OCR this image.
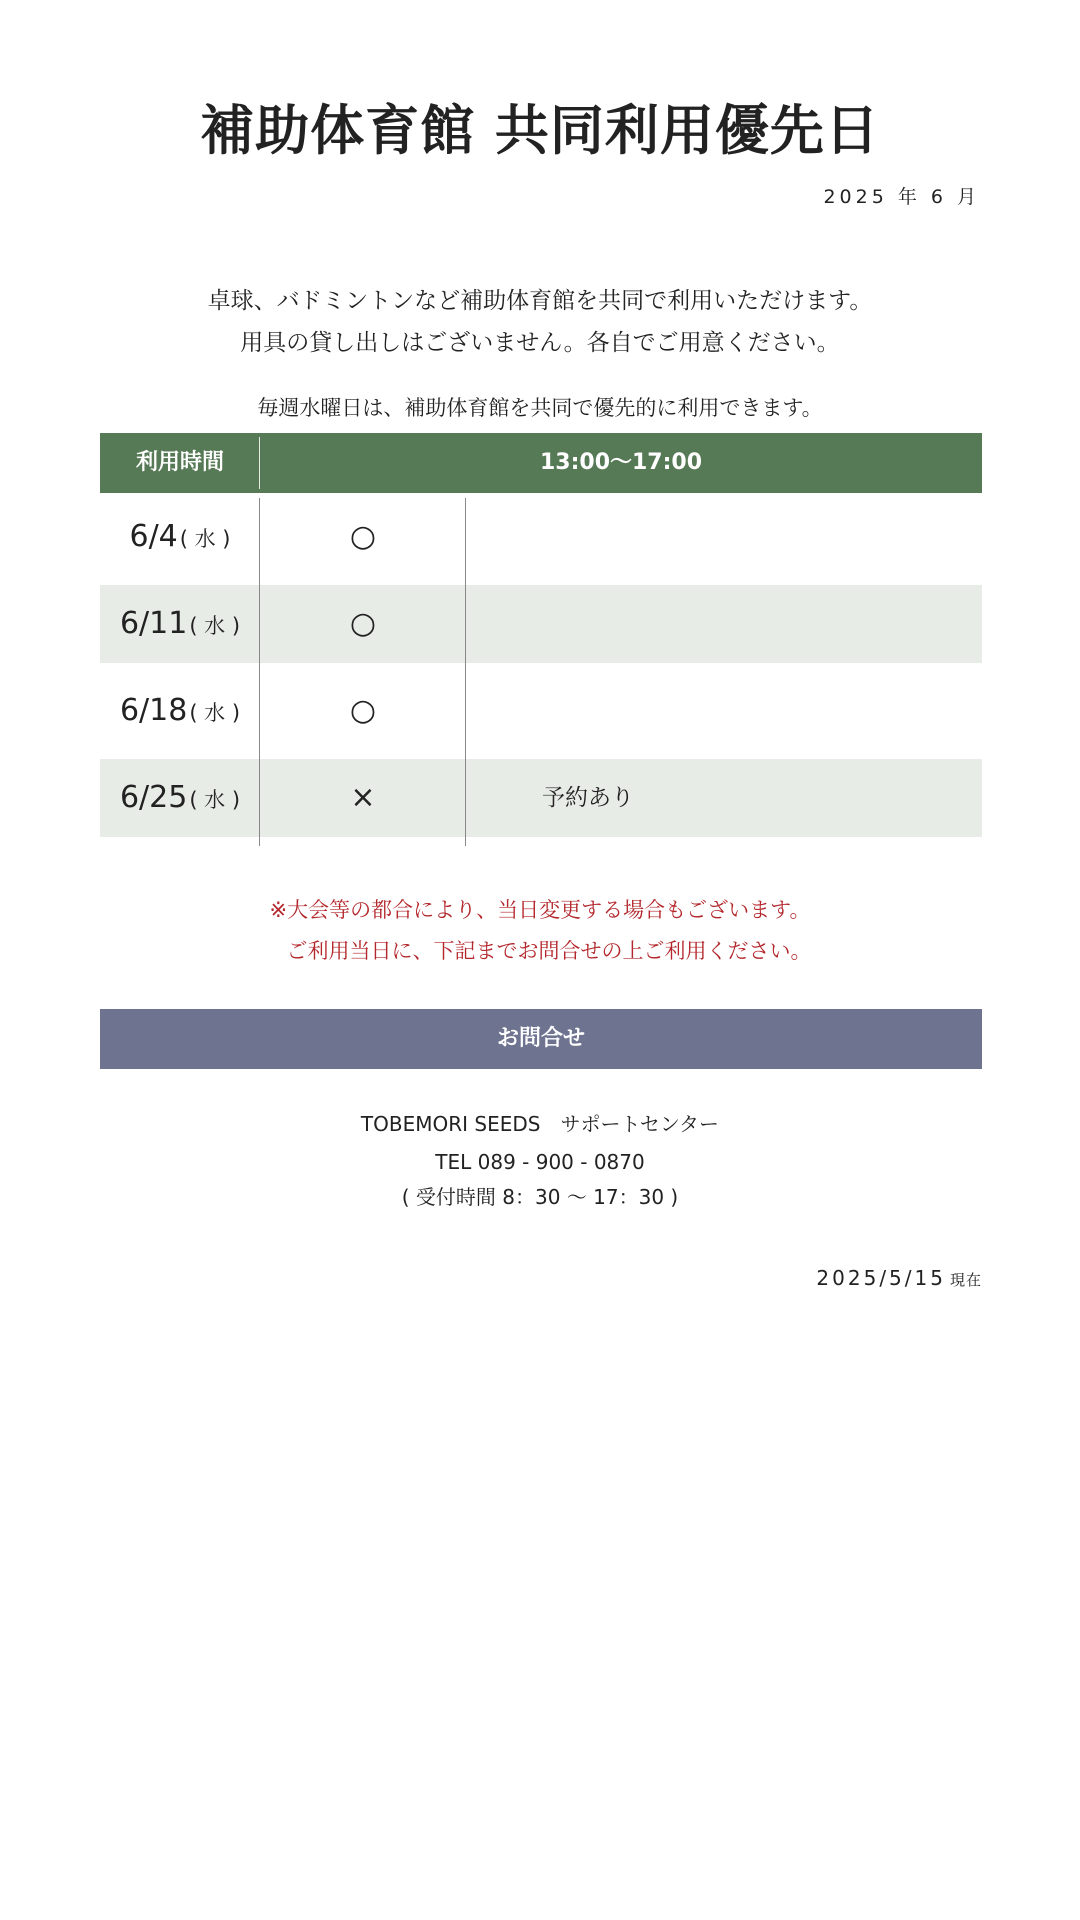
補助体育館 共同利用優先日
2025 年 6 月
卓球、バドミントンなど補助体育館を共同で利用いただけます。
用具の貸し出しはございません。各自でご用意ください。
毎週水曜日は、補助体育館を共同で優先的に利用できます。
利用時間	13:00〜17:00
6/4( 水 )	○
6/11( 水 )	○
6/18( 水 )	○
6/25( 水 )	×	予約あり
※大会等の都合により、当日変更する場合もございます。
ご利用当日に、下記までお問合せの上ご利用ください。
お問合せ
TOBEMORI SEEDS　サポートセンター
TEL 089 - 900 - 0870
( 受付時間 8：30 〜 17：30 )
2025/5/15 現在
